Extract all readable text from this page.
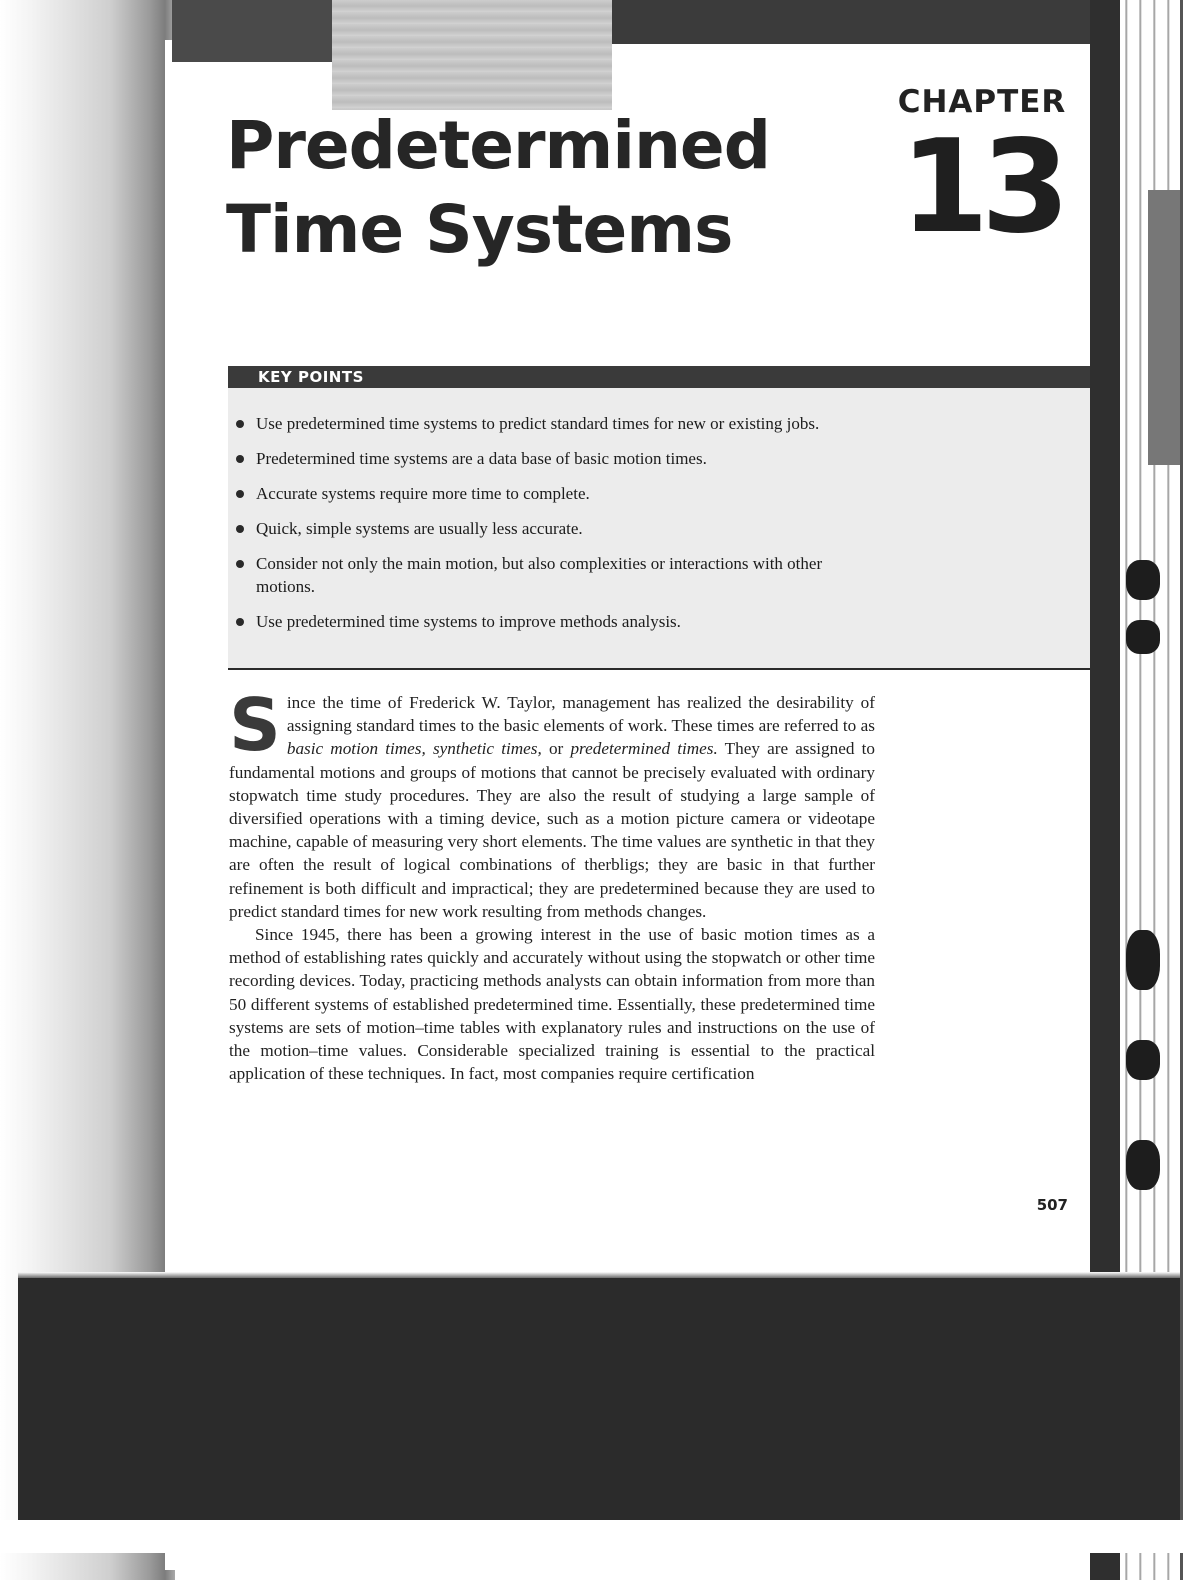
Predetermined
Time Systems
CHAPTER
13
KEY POINTS
Use predetermined time systems to predict standard times for new or existing jobs.
Predetermined time systems are a data base of basic motion times.
Accurate systems require more time to complete.
Quick, simple systems are usually less accurate.
Consider not only the main motion, but also complexities or interactions with other motions.
Use predetermined time systems to improve methods analysis.

Since the time of Frederick W. Taylor, management has realized the desirability of assigning standard times to the basic elements of work. These times are referred to as basic motion times, synthetic times, or predetermined times. They are assigned to fundamental motions and groups of motions that cannot be precisely evaluated with ordinary stopwatch time study procedures. They are also the result of studying a large sample of diversified operations with a timing device, such as a motion picture camera or videotape machine, capable of measuring very short elements. The time values are synthetic in that they are often the result of logical combinations of therbligs; they are basic in that further refinement is both difficult and impractical; they are predetermined because they are used to predict standard times for new work resulting from methods changes.

Since 1945, there has been a growing interest in the use of basic motion times as a method of establishing rates quickly and accurately without using the stopwatch or other time recording devices. Today, practicing methods analysts can obtain information from more than 50 different systems of established predetermined time. Essentially, these predetermined time systems are sets of motion–time tables with explanatory rules and instructions on the use of the motion–time values. Considerable specialized training is essential to the practical application of these techniques. In fact, most companies require certification

507
